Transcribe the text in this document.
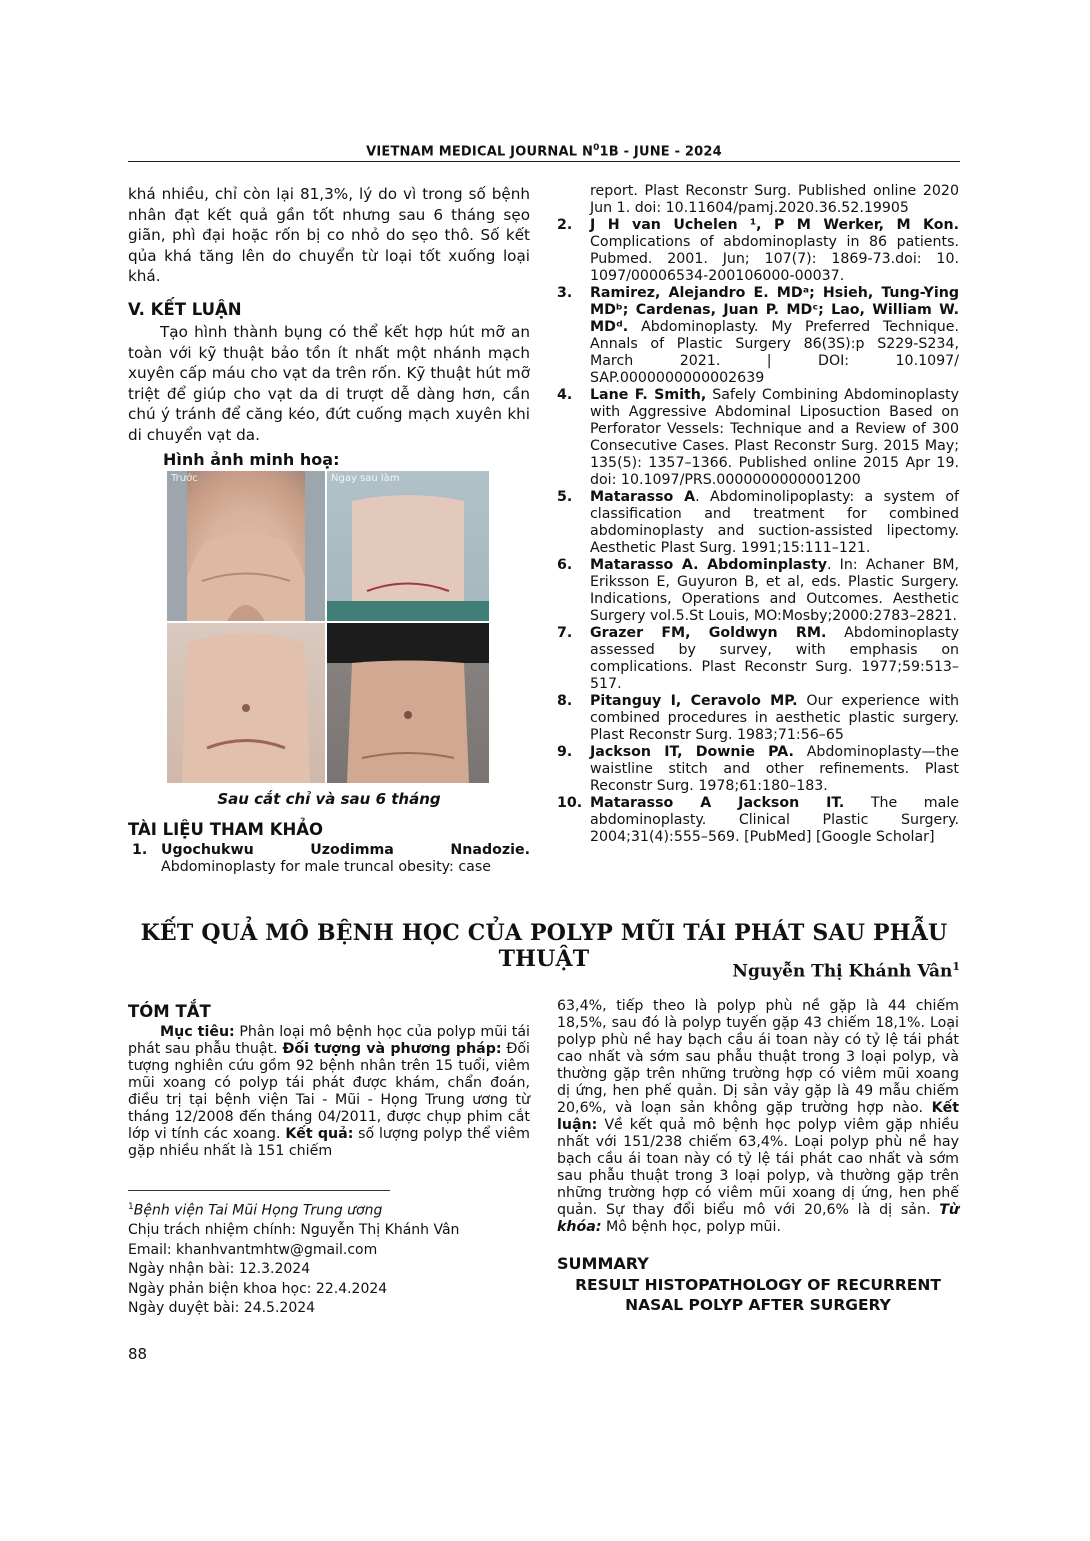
VIETNAM MEDICAL JOURNAL $N^01B$ - JUNE - 2024
khá nhiều, chỉ còn lại 81,3%, lý do vì trong số bệnh nhân đạt kết quả gần tốt nhưng sau 6 tháng sẹo giãn, phì đại hoặc rốn bị co nhỏ do sẹo thô. Số kết qủa khá tăng lên do chuyển từ loại tốt xuống loại khá.
V. KẾT LUẬN
Tạo hình thành bụng có thể kết hợp hút mỡ an toàn với kỹ thuật bảo tồn ít nhất một nhánh mạch xuyên cấp máu cho vạt da trên rốn. Kỹ thuật hút mỡ triệt để giúp cho vạt da di trượt dễ dàng hơn, cần chú ý tránh để căng kéo, đứt cuống mạch xuyên khi di chuyển vạt da.
Hình ảnh minh hoạ:
Trước	Ngay sau làm
Sau cắt chỉ và sau 6 tháng
TÀI LIỆU THAM KHẢO
1. Ugochukwu Uzodimma Nnadozie.
Abdominoplasty for male truncal obesity: case
report. Plast Reconstr Surg. Published online 2020 Jun 1. doi: 10.11604/pamj.2020.36.52.19905
2. J H van Uchelen ¹, P M Werker, M Kon. Complications of abdominoplasty in 86 patients. Pubmed. 2001. Jun; 107(7): 1869-73.doi: 10. 1097/00006534-200106000-00037.
3. Ramirez, Alejandro E. MDᵃ; Hsieh, Tung-Ying MDᵇ; Cardenas, Juan P. MDᶜ; Lao, William W. MDᵈ. Abdominoplasty. My Preferred Technique. Annals of Plastic Surgery 86(3S):p S229-S234, March 2021. | DOI: 10.1097/ SAP.0000000000002639
4. Lane F. Smith, Safely Combining Abdominoplasty with Aggressive Abdominal Liposuction Based on Perforator Vessels: Technique and a Review of 300 Consecutive Cases. Plast Reconstr Surg. 2015 May; 135(5): 1357–1366. Published online 2015 Apr 19. doi: 10.1097/PRS.0000000000001200
5. Matarasso A. Abdominolipoplasty: a system of classification and treatment for combined abdominoplasty and suction-assisted lipectomy. Aesthetic Plast Surg. 1991;15:111–121.
6. Matarasso A. Abdominplasty. In: Achaner BM, Eriksson E, Guyuron B, et al, eds. Plastic Surgery. Indications, Operations and Outcomes. Aesthetic Surgery vol.5.St Louis, MO:Mosby;2000:2783–2821.
7. Grazer FM, Goldwyn RM. Abdominoplasty assessed by survey, with emphasis on complications. Plast Reconstr Surg. 1977;59:513–517.
8. Pitanguy I, Ceravolo MP. Our experience with combined procedures in aesthetic plastic surgery. Plast Reconstr Surg. 1983;71:56–65
9. Jackson IT, Downie PA. Abdominoplasty—the waistline stitch and other refinements. Plast Reconstr Surg. 1978;61:180–183.
10. Matarasso A Jackson IT. The male abdominoplasty. Clinical Plastic Surgery. 2004;31(4):555–569. [PubMed] [Google Scholar]
KẾT QUẢ MÔ BỆNH HỌC CỦA POLYP MŨI TÁI PHÁT SAU PHẪU THUẬT	Nguyễn Thị Khánh Vân$^1$
TÓM TẮT
Mục tiêu: Phân loại mô bệnh học của polyp mũi tái phát sau phẫu thuật. Đối tượng và phương pháp: Đối tượng nghiên cứu gồm 92 bệnh nhân trên 15 tuổi, viêm mũi xoang có polyp tái phát được khám, chẩn đoán, điều trị tại bệnh viện Tai - Mũi - Họng Trung ương từ tháng 12/2008 đến tháng 04/2011, được chụp phim cắt lớp vi tính các xoang. Kết quả: số lượng polyp thể viêm gặp nhiều nhất là 151 chiếm
63,4%, tiếp theo là polyp phù nề gặp là 44 chiếm 18,5%, sau đó là polyp tuyến gặp 43 chiếm 18,1%. Loại polyp phù nề hay bạch cầu ái toan này có tỷ lệ tái phát cao nhất và sớm sau phẫu thuật trong 3 loại polyp, và thường gặp trên những trường hợp có viêm mũi xoang dị ứng, hen phế quản. Dị sản vảy gặp là 49 mẫu chiếm 20,6%, và loạn sản không gặp trường hợp nào. Kết luận: Về kết quả mô bệnh học polyp viêm gặp nhiều nhất với 151/238 chiếm 63,4%. Loại polyp phù nề hay bạch cầu ái toan này có tỷ lệ tái phát cao nhất và sớm sau phẫu thuật trong 3 loại polyp, và thường gặp trên những trường hợp có viêm mũi xoang dị ứng, hen phế quản. Sự thay đổi biểu mô với 20,6% là dị sản. Từ khóa: Mô bệnh học, polyp mũi.
SUMMARY
RESULT HISTOPATHOLOGY OF RECURRENT
NASAL POLYP AFTER SURGERY
$^1$Bệnh viện Tai Mũi Họng Trung ương
Chịu trách nhiệm chính: Nguyễn Thị Khánh Vân
Email: khanhvantmhtw@gmail.com
Ngày nhận bài: 12.3.2024
Ngày phản biện khoa học: 22.4.2024
Ngày duyệt bài: 24.5.2024
88
